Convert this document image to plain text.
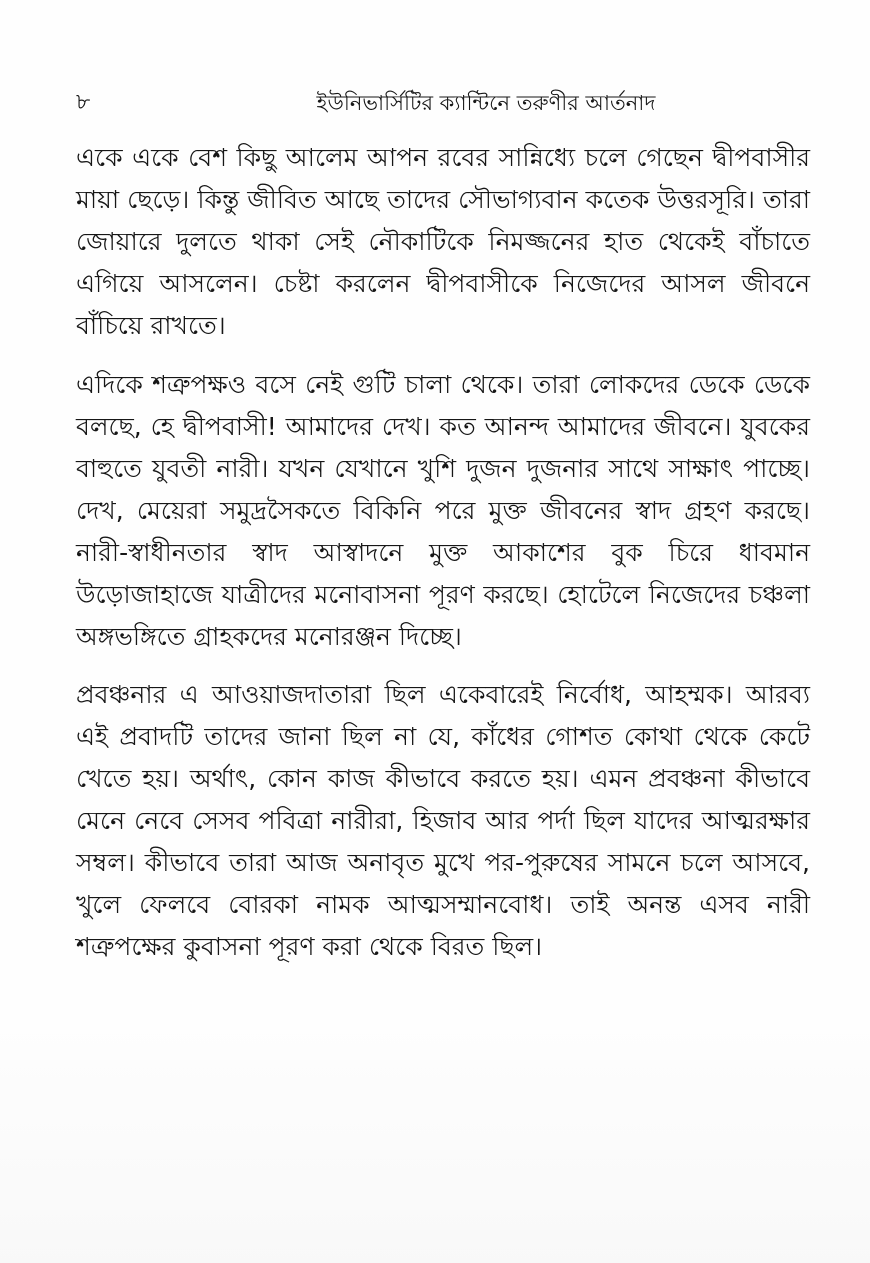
৮	ইউনিভার্সিটির ক্যান্টিনে তরুণীর আর্তনাদ

একে একে বেশ কিছু আলেম আপন রবের সান্নিধ্যে চলে গেছেন দ্বীপবাসীর মায়া ছেড়ে। কিন্তু জীবিত আছে তাদের সৌভাগ্যবান কতেক উত্তরসূরি। তারা জোয়ারে দুলতে থাকা সেই নৌকাটিকে নিমজ্জনের হাত থেকেই বাঁচাতে এগিয়ে আসলেন। চেষ্টা করলেন দ্বীপবাসীকে নিজেদের আসল জীবনে বাঁচিয়ে রাখতে।

এদিকে শত্রুপক্ষও বসে নেই গুটি চালা থেকে। তারা লোকদের ডেকে ডেকে বলছে, হে দ্বীপবাসী! আমাদের দেখ। কত আনন্দ আমাদের জীবনে। যুবকের বাহুতে যুবতী নারী। যখন যেখানে খুশি দুজন দুজনার সাথে সাক্ষাৎ পাচ্ছে। দেখ, মেয়েরা সমুদ্রসৈকতে বিকিনি পরে মুক্ত জীবনের স্বাদ গ্রহণ করছে। নারী-স্বাধীনতার স্বাদ আস্বাদনে মুক্ত আকাশের বুক চিরে ধাবমান উড়োজাহাজে যাত্রীদের মনোবাসনা পূরণ করছে। হোটেলে নিজেদের চঞ্চলা অঙ্গভঙ্গিতে গ্রাহকদের মনোরঞ্জন দিচ্ছে।

প্রবঞ্চনার এ আওয়াজদাতারা ছিল একেবারেই নির্বোধ, আহম্মক। আরব্য এই প্রবাদটি তাদের জানা ছিল না যে, কাঁধের গোশত কোথা থেকে কেটে খেতে হয়। অর্থাৎ, কোন কাজ কীভাবে করতে হয়। এমন প্রবঞ্চনা কীভাবে মেনে নেবে সেসব পবিত্রা নারীরা, হিজাব আর পর্দা ছিল যাদের আত্মরক্ষার সম্বল। কীভাবে তারা আজ অনাবৃত মুখে পর-পুরুষের সামনে চলে আসবে, খুলে ফেলবে বোরকা নামক আত্মসম্মানবোধ। তাই অনন্ত এসব নারী শত্রুপক্ষের কুবাসনা পূরণ করা থেকে বিরত ছিল।
